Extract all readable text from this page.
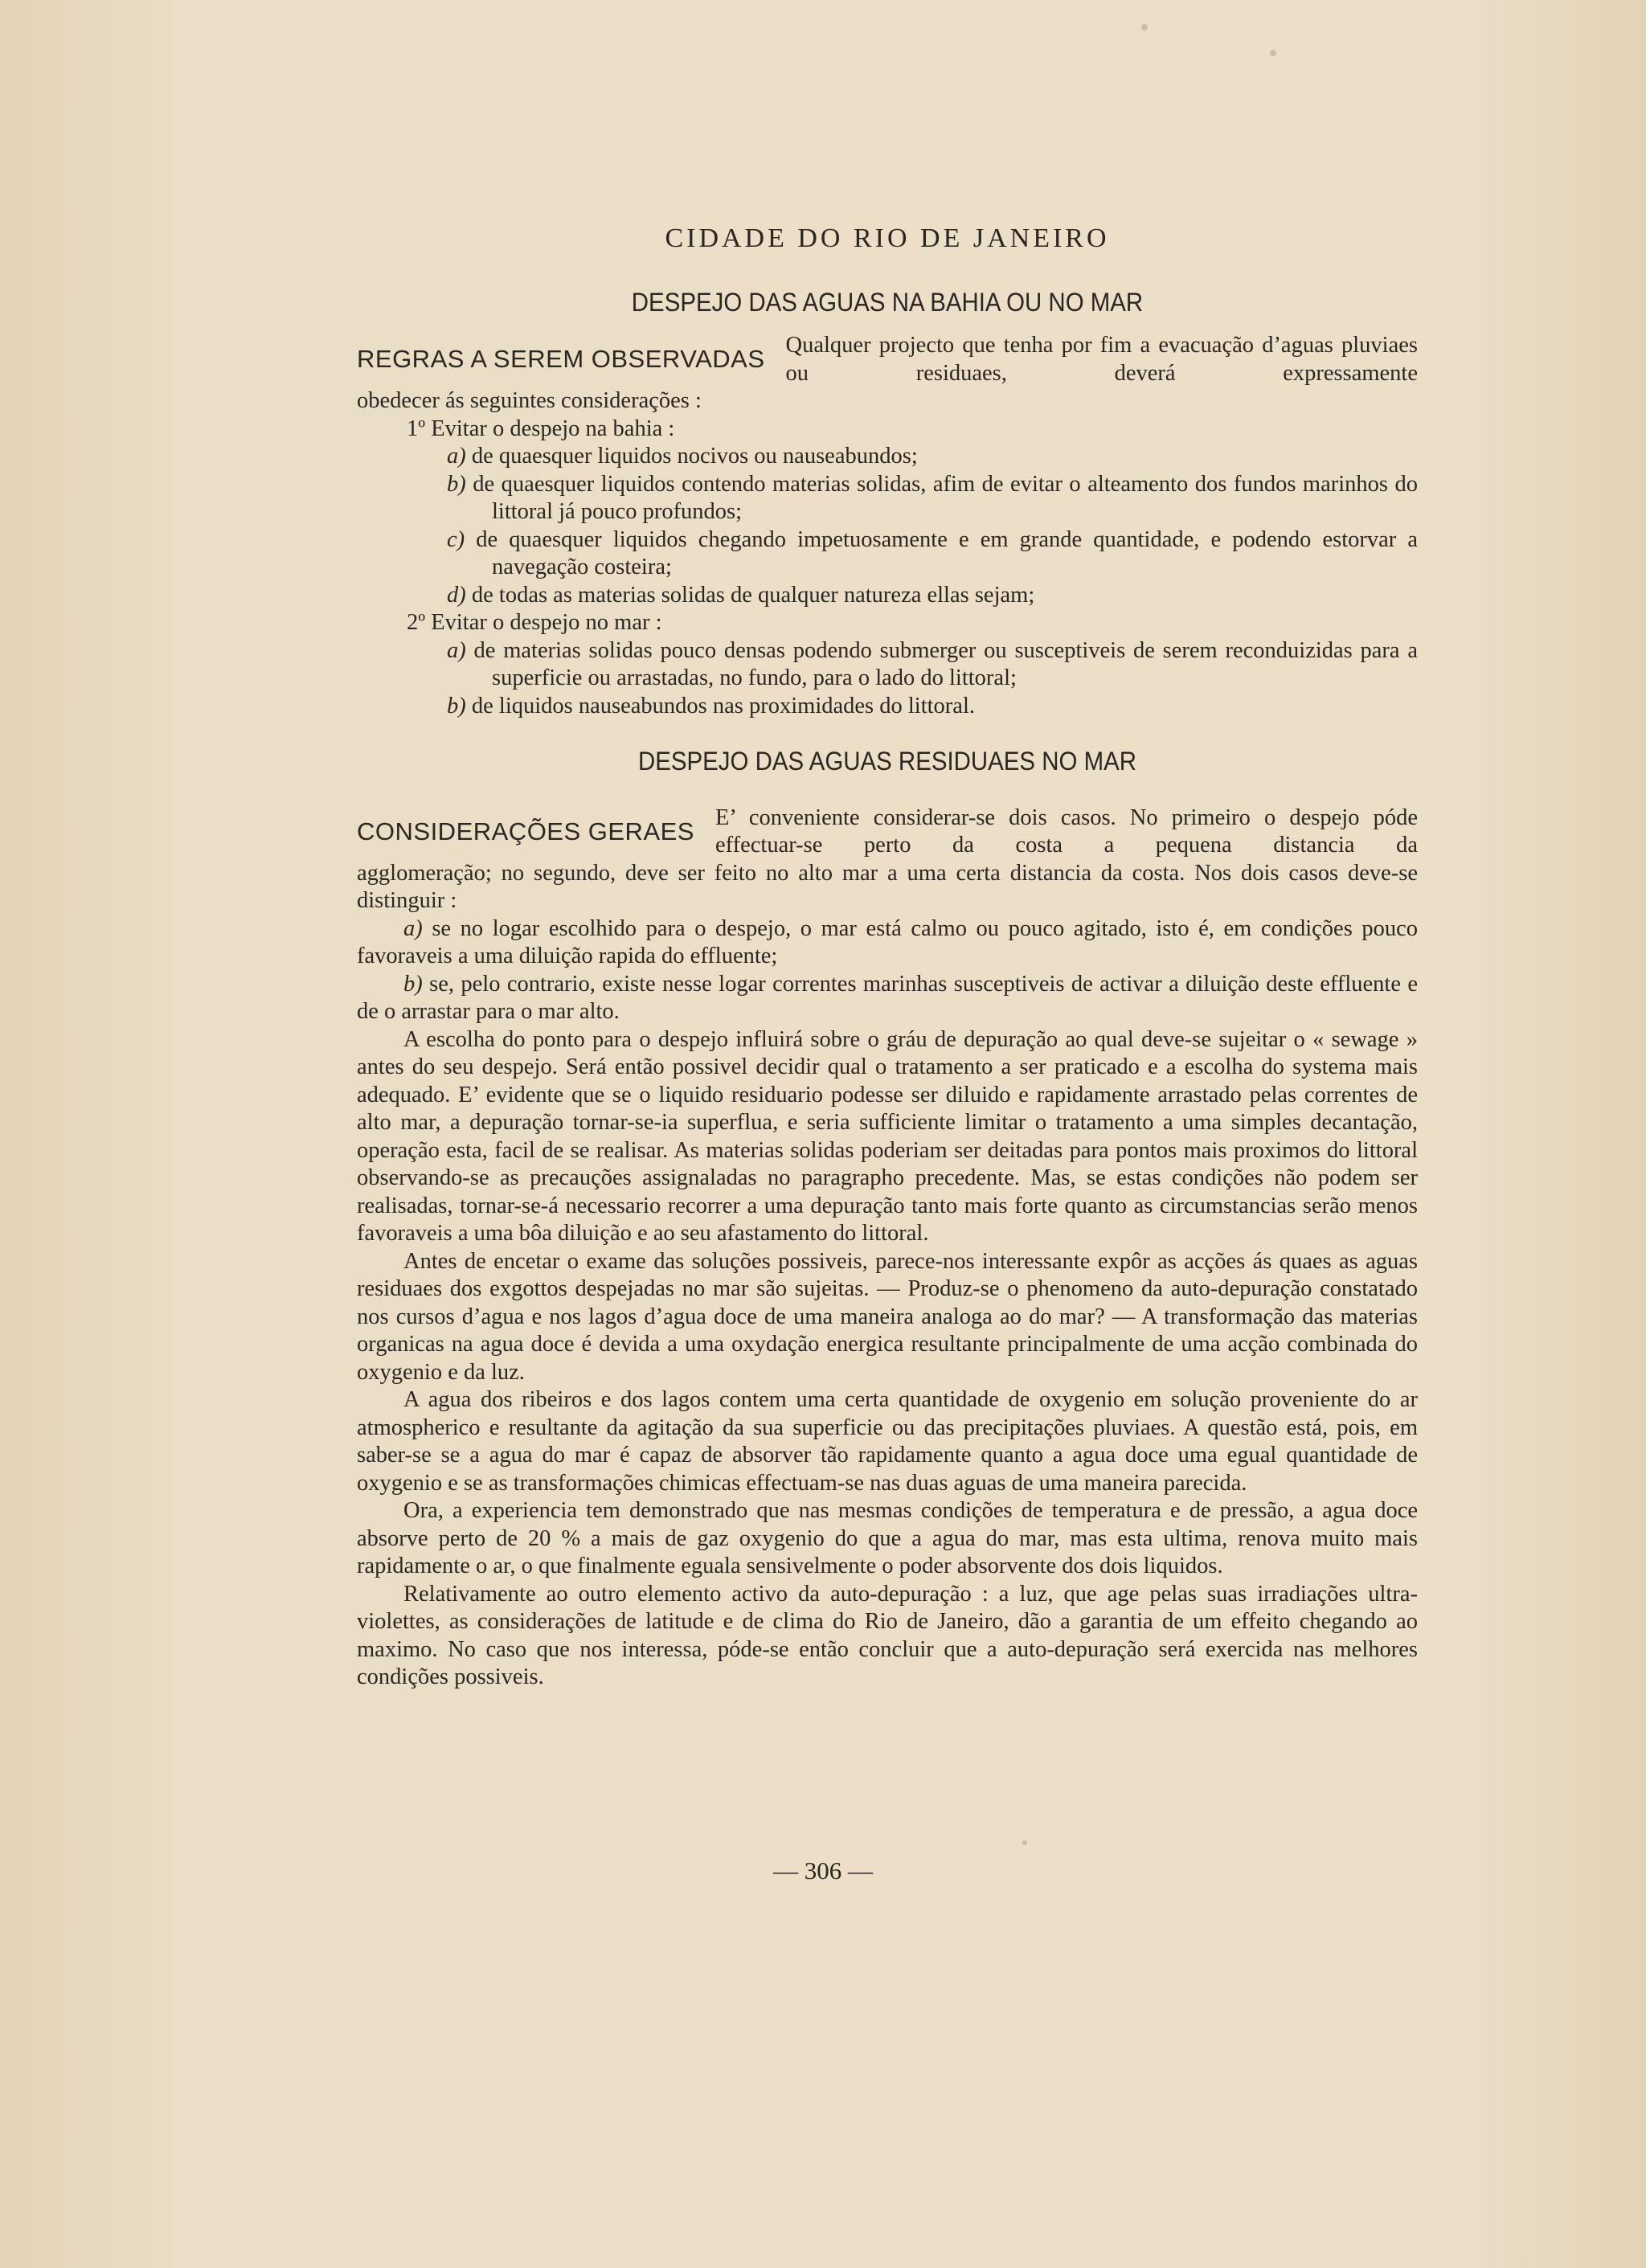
CIDADE DO RIO DE JANEIRO
DESPEJO DAS AGUAS NA BAHIA OU NO MAR
REGRAS A SEREM OBSERVADAS Qualquer projecto que tenha por fim a evacuação d’aguas pluviaes ou residuaes, deverá expressamente

obedecer ás seguintes considerações :

1º Evitar o despejo na bahia :

a) de quaesquer liquidos nocivos ou nauseabundos;

b) de quaesquer liquidos contendo materias solidas, afim de evitar o alteamento dos fundos marinhos do littoral já pouco profundos;

c) de quaesquer liquidos chegando impetuosamente e em grande quantidade, e podendo estorvar a navegação costeira;

d) de todas as materias solidas de qualquer natureza ellas sejam;

2º Evitar o despejo no mar :

a) de materias solidas pouco densas podendo submerger ou susceptiveis de serem reconduizidas para a superficie ou arrastadas, no fundo, para o lado do littoral;

b) de liquidos nauseabundos nas proximidades do littoral.

DESPEJO DAS AGUAS RESIDUAES NO MAR
CONSIDERAÇÕES GERAES E’ conveniente considerar-se dois casos. No primeiro o despejo póde effectuar-se perto da costa a pequena distancia da

agglomeração; no segundo, deve ser feito no alto mar a uma certa distancia da costa. Nos dois casos deve-se distinguir :

a) se no logar escolhido para o despejo, o mar está calmo ou pouco agitado, isto é, em condições pouco favoraveis a uma diluição rapida do effluente;

b) se, pelo contrario, existe nesse logar correntes marinhas susceptiveis de activar a diluição deste effluente e de o arrastar para o mar alto.

A escolha do ponto para o despejo influirá sobre o gráu de depuração ao qual deve-se sujeitar o « sewage » antes do seu despejo. Será então possivel decidir qual o tratamento a ser praticado e a escolha do systema mais adequado. E’ evidente que se o liquido residuario podesse ser diluido e rapidamente arrastado pelas correntes de alto mar, a depuração tornar-se-ia superflua, e seria sufficiente limitar o tratamento a uma simples decantação, operação esta, facil de se realisar. As materias solidas poderiam ser deitadas para pontos mais proximos do littoral observando-se as precauções assignaladas no paragrapho precedente. Mas, se estas condições não podem ser realisadas, tornar-se-á necessario recorrer a uma depuração tanto mais forte quanto as circumstancias serão menos favoraveis a uma bôa diluição e ao seu afastamento do littoral.

Antes de encetar o exame das soluções possiveis, parece-nos interessante expôr as acções ás quaes as aguas residuaes dos exgottos despejadas no mar são sujeitas. — Produz-se o phenomeno da auto-depuração constatado nos cursos d’agua e nos lagos d’agua doce de uma maneira analoga ao do mar? — A transformação das materias organicas na agua doce é devida a uma oxydação energica resultante principalmente de uma acção combinada do oxygenio e da luz.

A agua dos ribeiros e dos lagos contem uma certa quantidade de oxygenio em solução proveniente do ar atmospherico e resultante da agitação da sua superficie ou das precipitações pluviaes. A questão está, pois, em saber-se se a agua do mar é capaz de absorver tão rapidamente quanto a agua doce uma egual quantidade de oxygenio e se as transformações chimicas effectuam-se nas duas aguas de uma maneira parecida.

Ora, a experiencia tem demonstrado que nas mesmas condições de temperatura e de pressão, a agua doce absorve perto de 20 % a mais de gaz oxygenio do que a agua do mar, mas esta ultima, renova muito mais rapidamente o ar, o que finalmente eguala sensivelmente o poder absorvente dos dois liquidos.

Relativamente ao outro elemento activo da auto-depuração : a luz, que age pelas suas irradiações ultra-violettes, as considerações de latitude e de clima do Rio de Janeiro, dão a garantia de um effeito chegando ao maximo. No caso que nos interessa, póde-se então concluir que a auto-depuração será exercida nas melhores condições possiveis.

— 306 —
